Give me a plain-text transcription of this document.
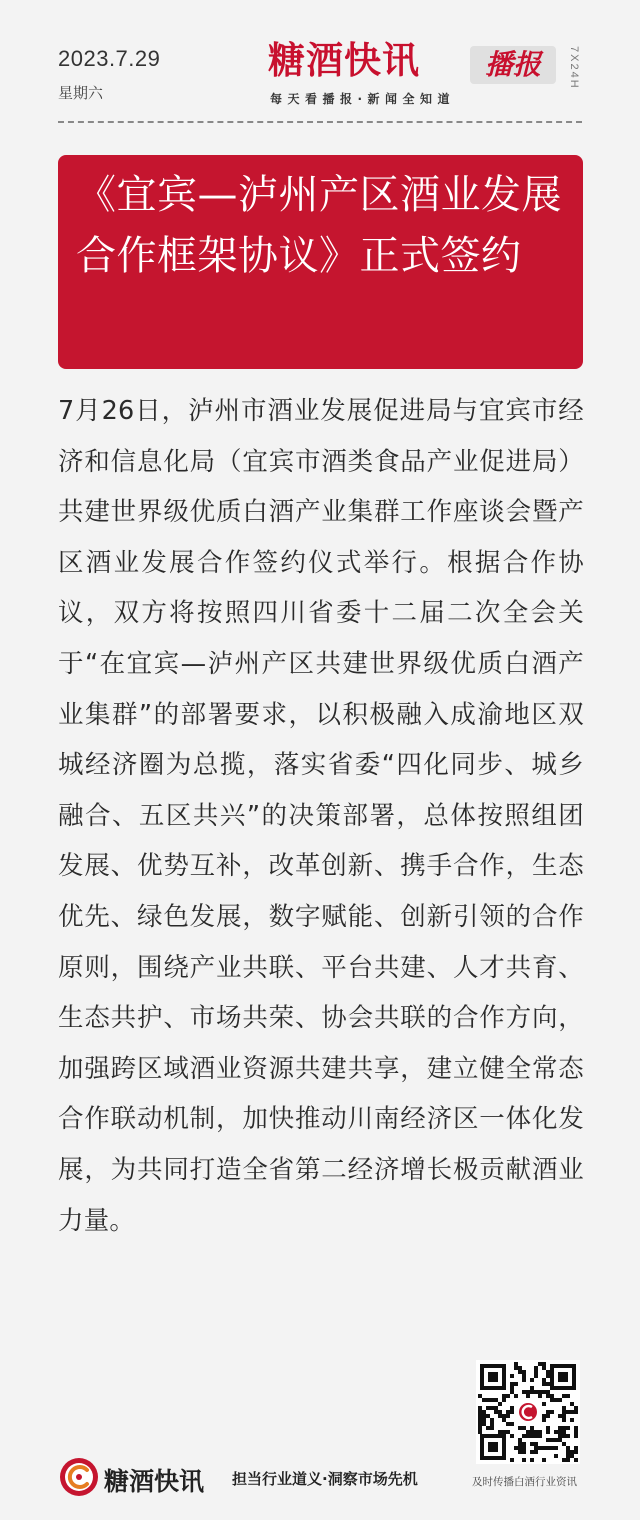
2023.7.29
星期六
糖酒快讯	播报
每天看播报·新闻全知道
7X24H
《宜宾—泸州产区酒业发展合作框架协议》正式签约
7月26日，泸州市酒业发展促进局与宜宾市经济和信息化局（宜宾市酒类食品产业促进局）共建世界级优质白酒产业集群工作座谈会暨产区酒业发展合作签约仪式举行。根据合作协议，双方将按照四川省委十二届二次全会关于“在宜宾—泸州产区共建世界级优质白酒产业集群”的部署要求，以积极融入成渝地区双城经济圈为总揽，落实省委“四化同步、城乡融合、五区共兴”的决策部署，总体按照组团发展、优势互补，改革创新、携手合作，生态优先、绿色发展，数字赋能、创新引领的合作原则，围绕产业共联、平台共建、人才共育、生态共护、市场共荣、协会共联的合作方向，加强跨区域酒业资源共建共享，建立健全常态合作联动机制，加快推动川南经济区一体化发展，为共同打造全省第二经济增长极贡献酒业力量。
糖酒快讯 担当行业道义·洞察市场先机	及时传播白酒行业资讯
